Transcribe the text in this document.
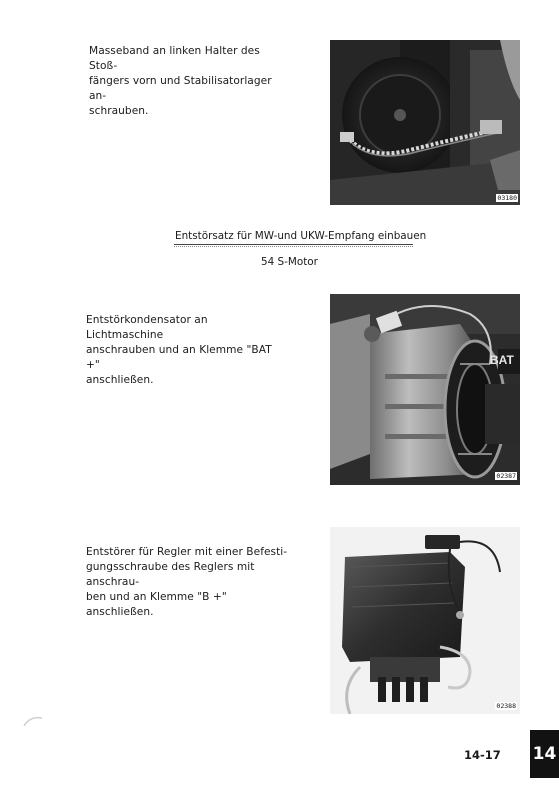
Masseband an linken Halter des Stoß-
fängers vorn und Stabilisatorlager an-
schrauben.
03180
Entstörsatz für MW-und UKW-Empfang einbauen
54 S-Motor
Entstörkondensator an Lichtmaschine
anschrauben und an Klemme "BAT +"
anschließen.
BAT
02387
Entstörer für Regler mit einer Befesti-
gungsschraube des Reglers mit anschrau-
ben und an Klemme "B +" anschließen.
02388
14-17 14
